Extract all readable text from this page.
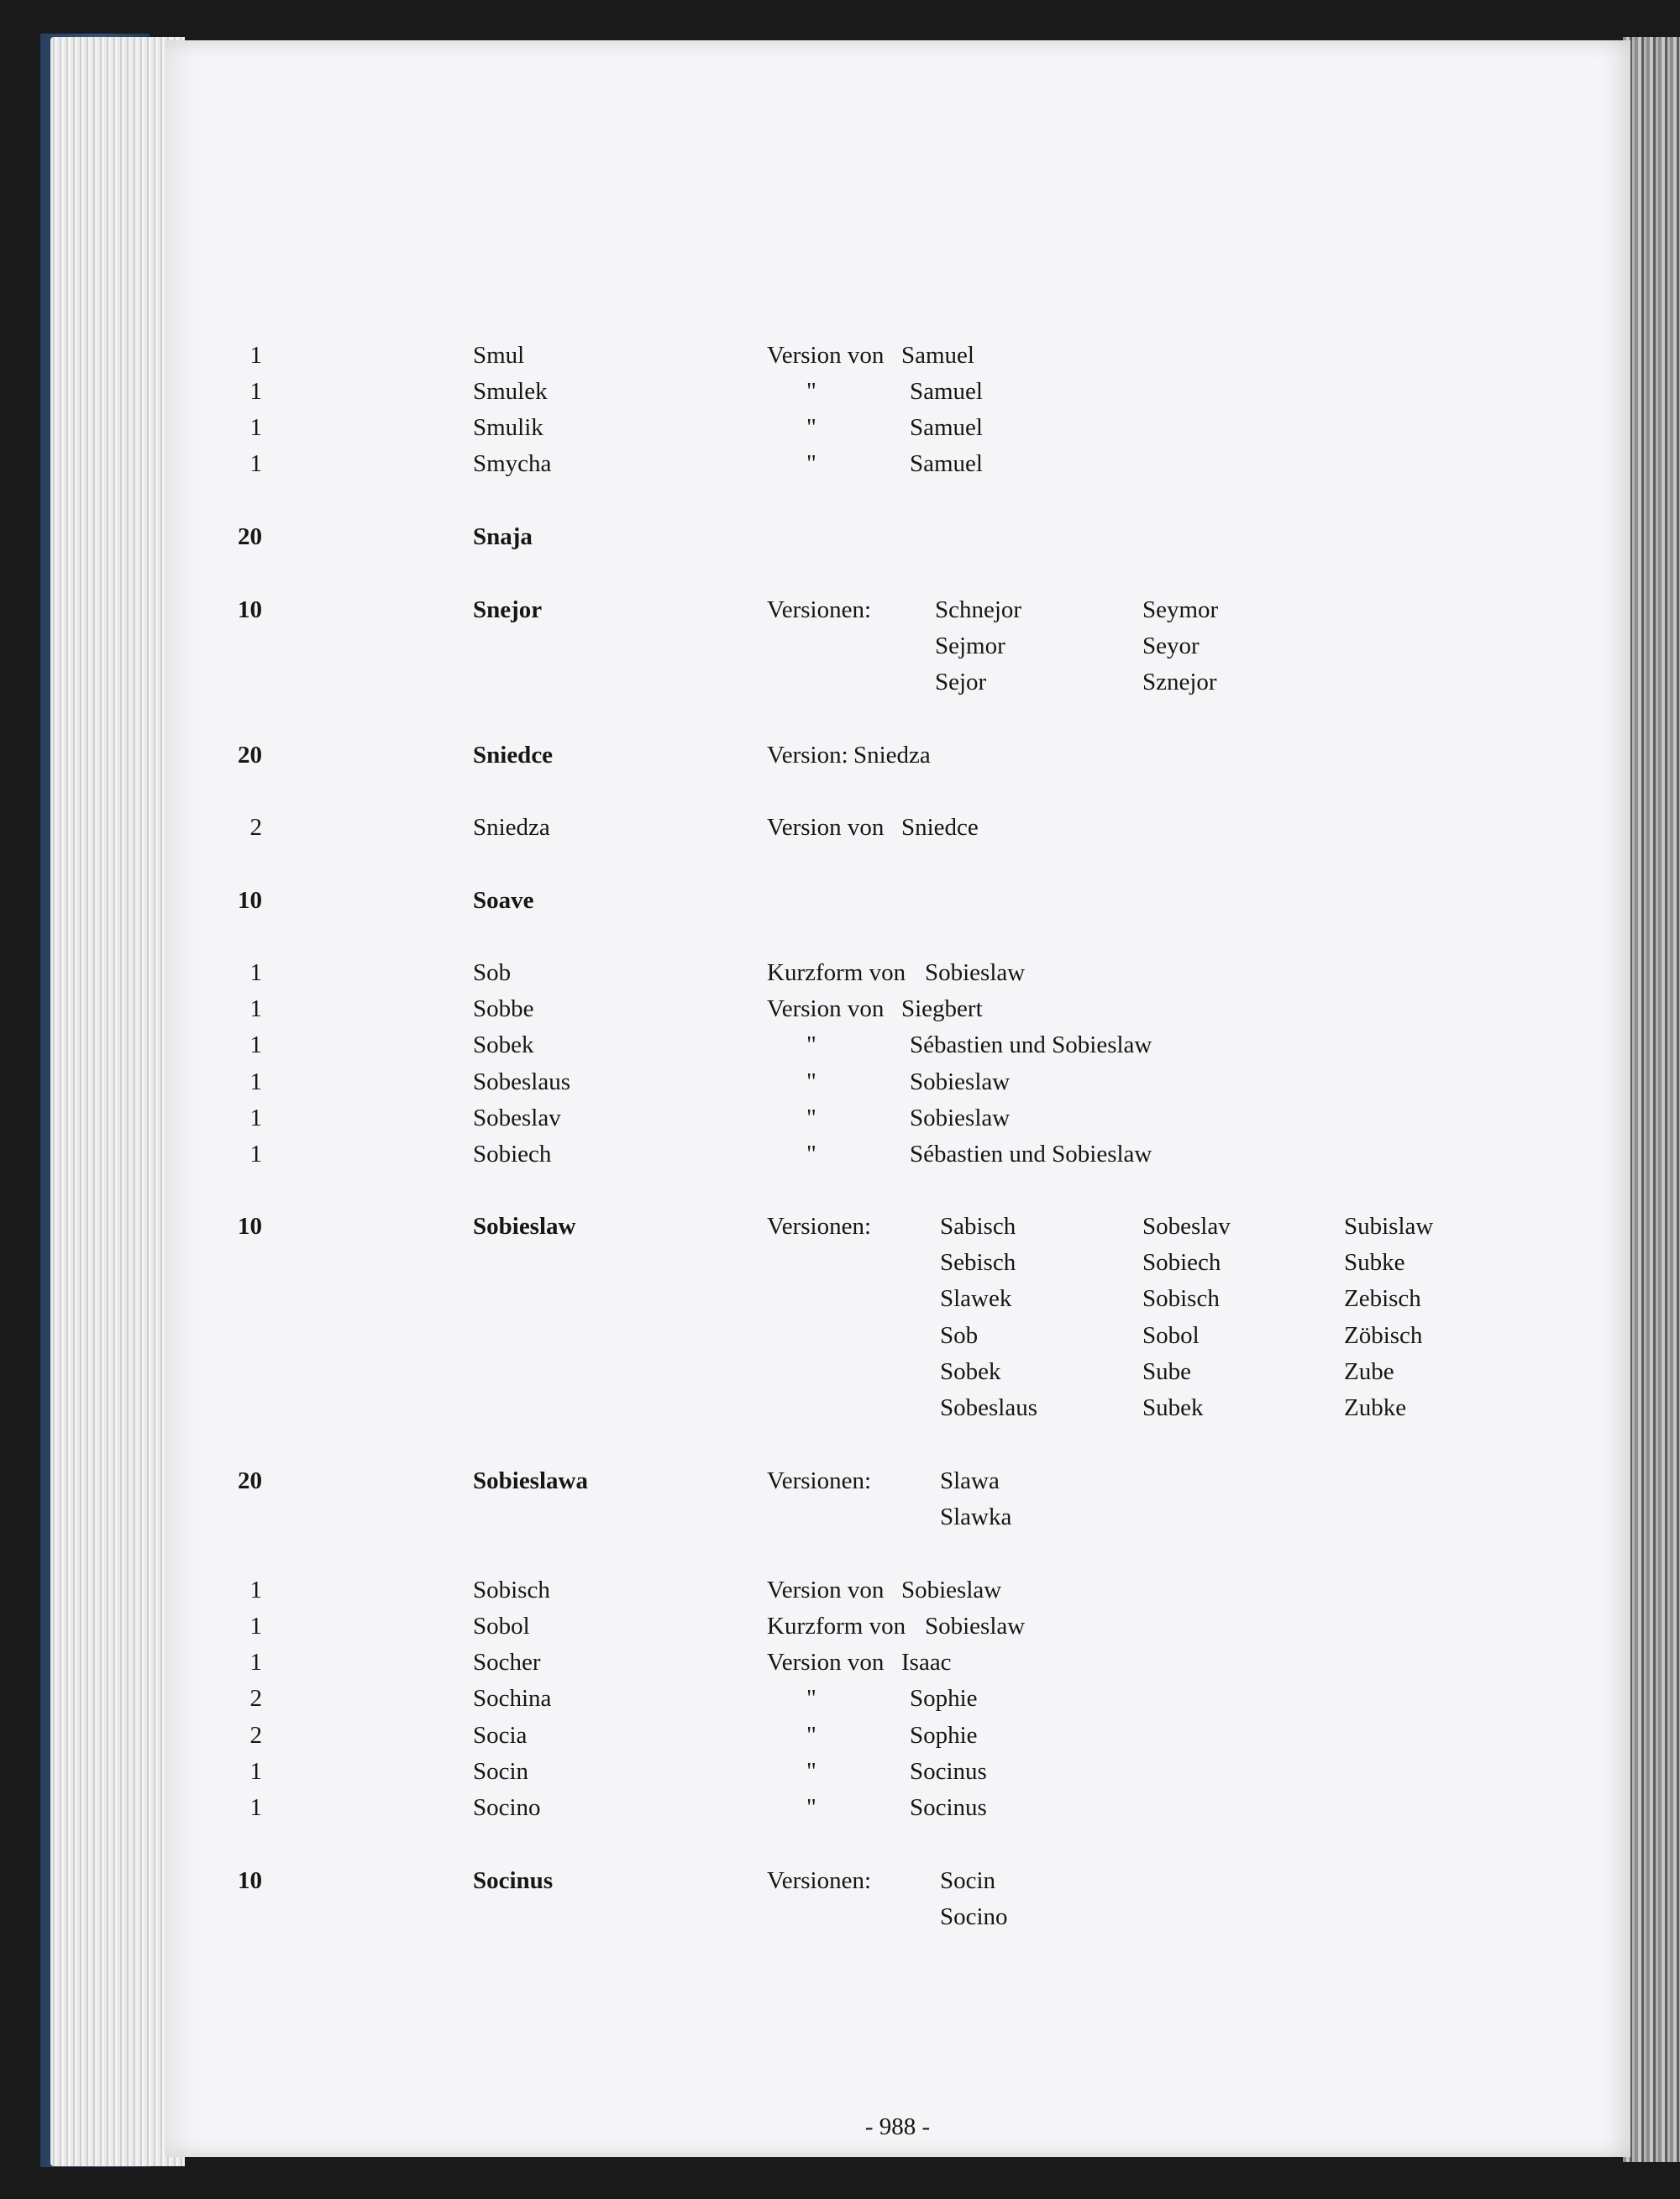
1	Smul	Version von Samuel
1	Smulek	"	Samuel
1	Smulik	"	Samuel
1	Smycha	"	Samuel
20	Snaja
10	Snejor	Versionen:	Schnejor	Seymor
Sejmor	Seyor
Sejor	Sznejor
20	Sniedce	Version: Sniedza
2	Sniedza	Version von Sniedce
10	Soave
1	Sob	Kurzform von Sobieslaw
1	Sobbe	Version von Siegbert
1	Sobek	"	Sébastien und Sobieslaw
1	Sobeslaus	"	Sobieslaw
1	Sobeslav	"	Sobieslaw
1	Sobiech	"	Sébastien und Sobieslaw
10	Sobieslaw	Versionen:	Sabisch	Sobeslav	Subislaw
Sebisch	Sobiech	Subke
Slawek	Sobisch	Zebisch
Sob	Sobol	Zöbisch
Sobek	Sube	Zube
Sobeslaus	Subek	Zubke
20	Sobieslawa	Versionen:	Slawa
Slawka
1	Sobisch	Version von Sobieslaw
1	Sobol	Kurzform von Sobieslaw
1	Socher	Version von Isaac
2	Sochina	"	Sophie
2	Socia	"	Sophie
1	Socin	"	Socinus
1	Socino	"	Socinus
10	Socinus	Versionen:	Socin
Socino
- 988 -
